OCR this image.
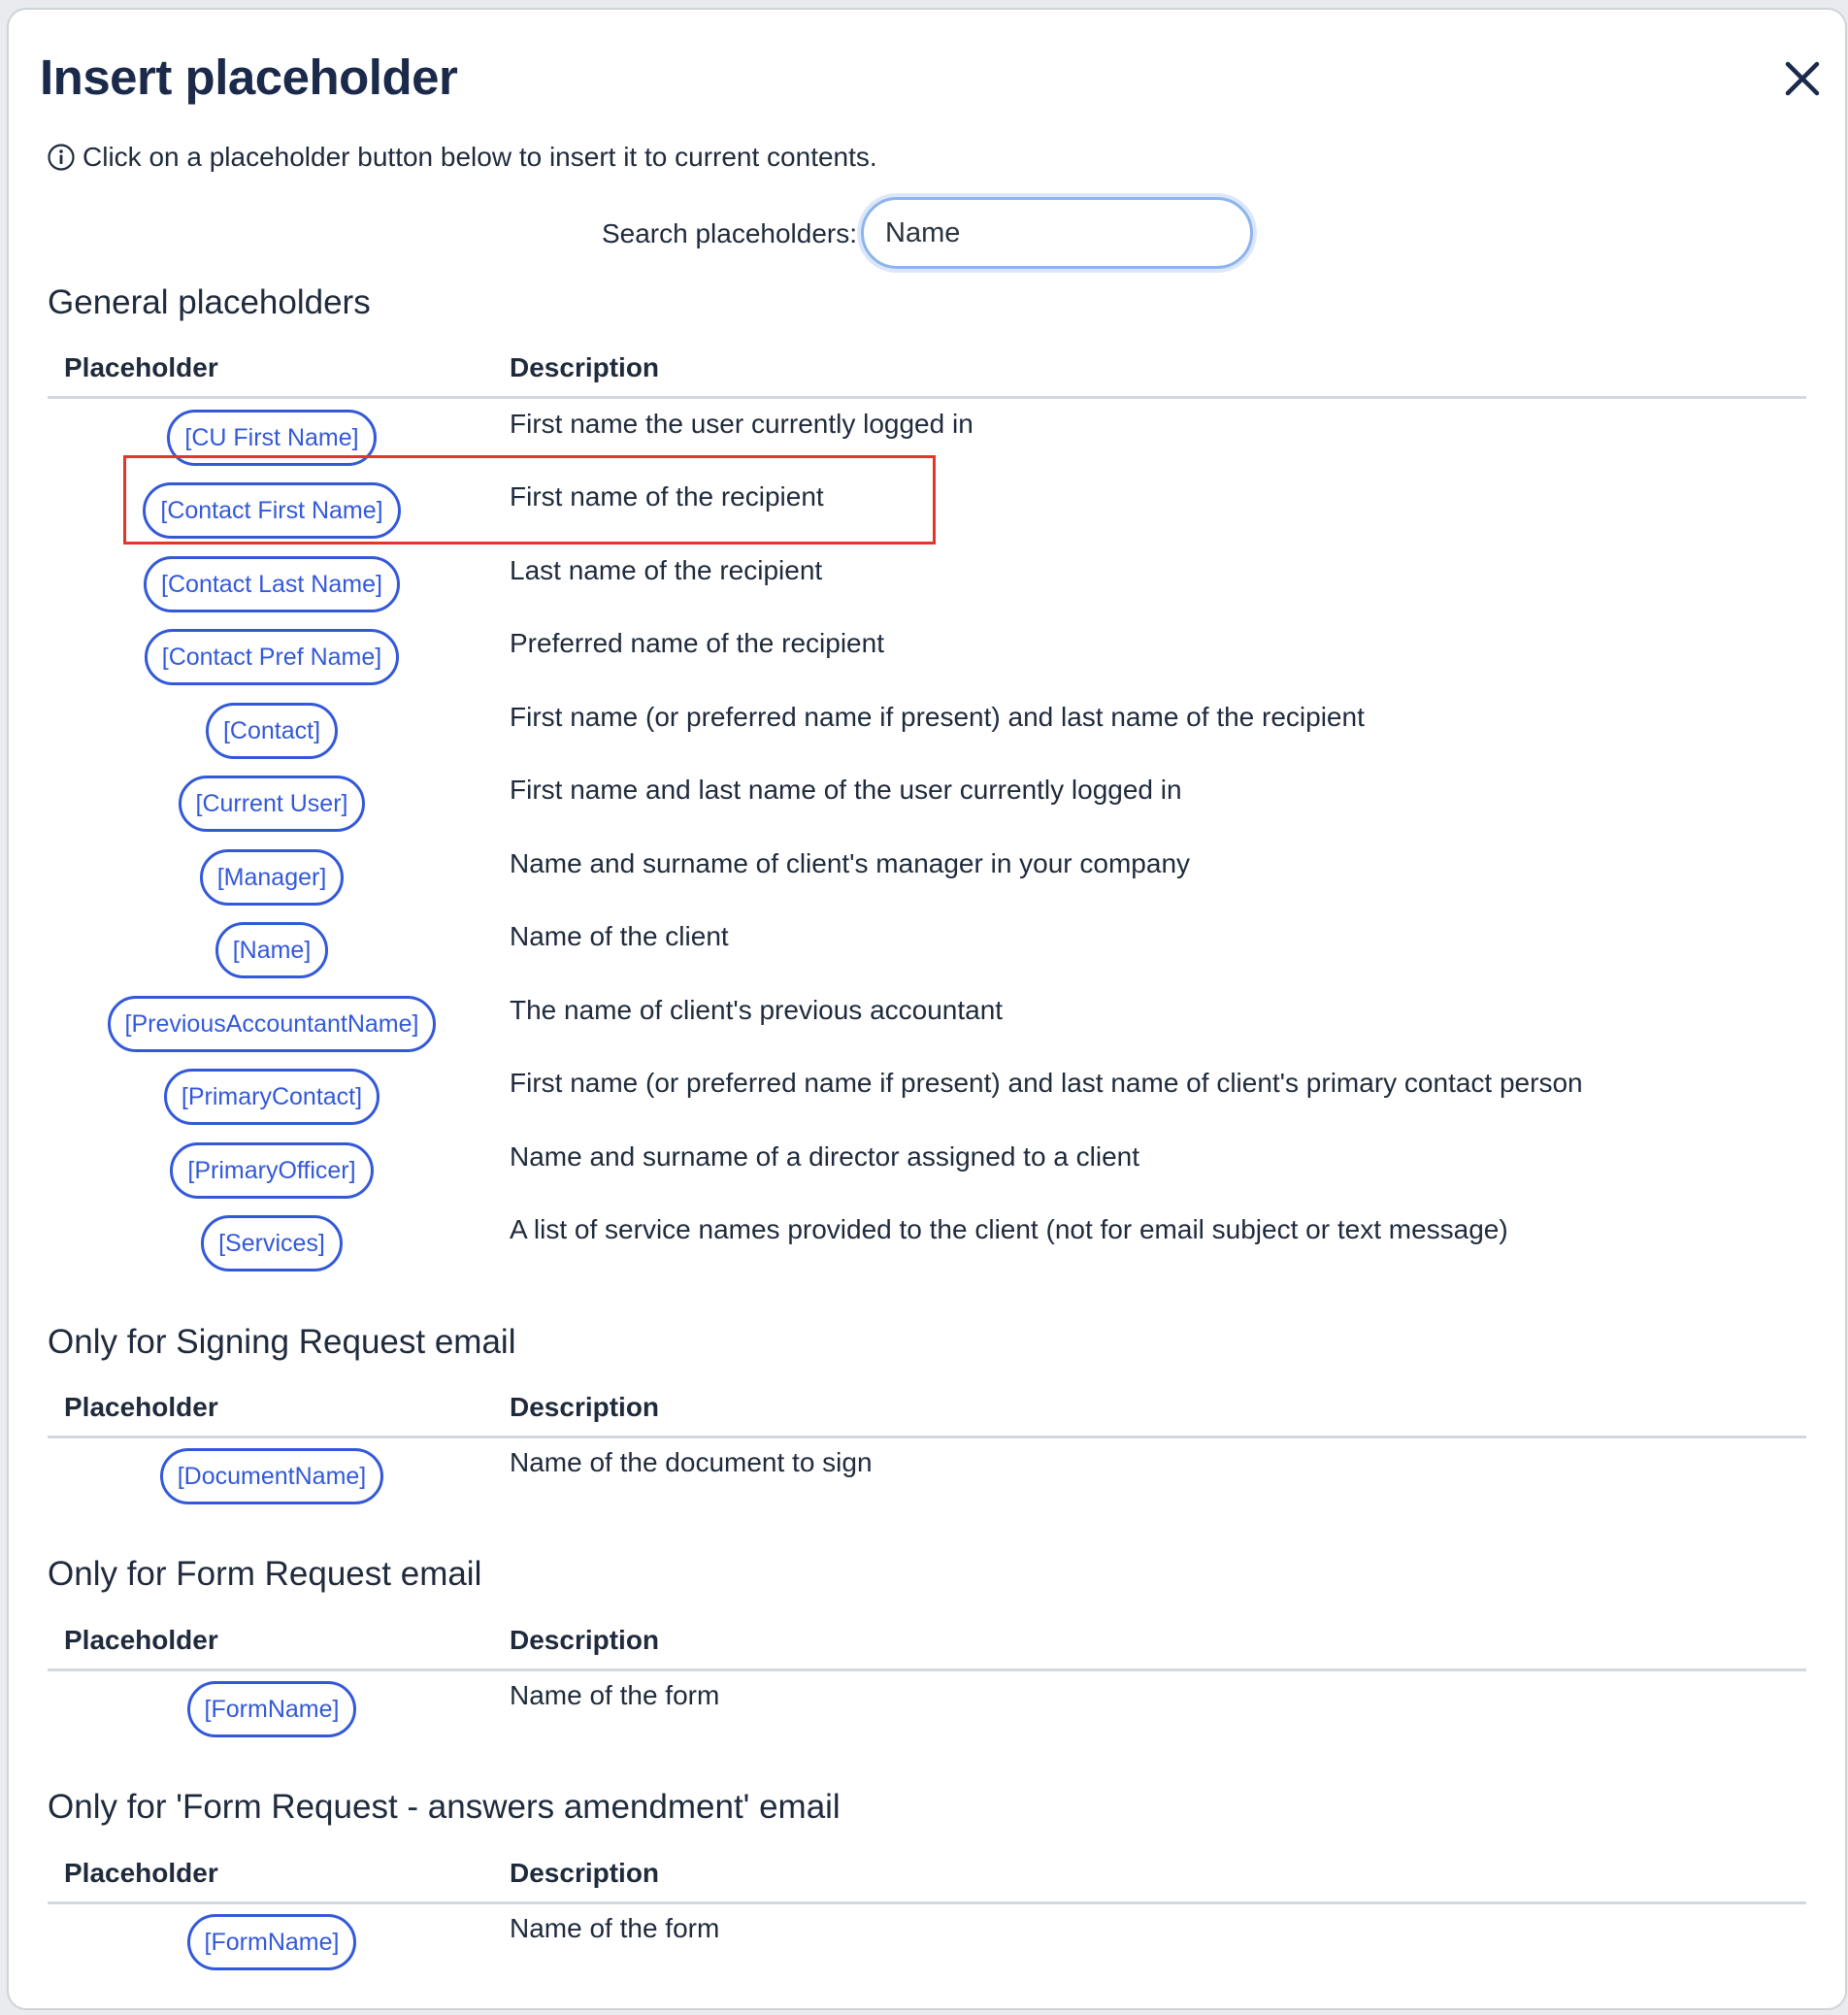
Insert placeholder
Click on a placeholder button below to insert it to current contents.
Search placeholders:
Name
General placeholders
Placeholder	Description
[CU First Name]	First name the user currently logged in
[Contact First Name]	First name of the recipient
[Contact Last Name]	Last name of the recipient
[Contact Pref Name]	Preferred name of the recipient
[Contact]	First name (or preferred name if present) and last name of the recipient
[Current User]	First name and last name of the user currently logged in
[Manager]	Name and surname of client's manager in your company
[Name]	Name of the client
[PreviousAccountantName]	The name of client's previous accountant
[PrimaryContact]	First name (or preferred name if present) and last name of client's primary contact person
[PrimaryOfficer]	Name and surname of a director assigned to a client
[Services]	A list of service names provided to the client (not for email subject or text message)
Only for Signing Request email
Placeholder	Description
[DocumentName]	Name of the document to sign
Only for Form Request email
Placeholder	Description
[FormName]	Name of the form
Only for 'Form Request - answers amendment' email
Placeholder	Description
[FormName]	Name of the form
